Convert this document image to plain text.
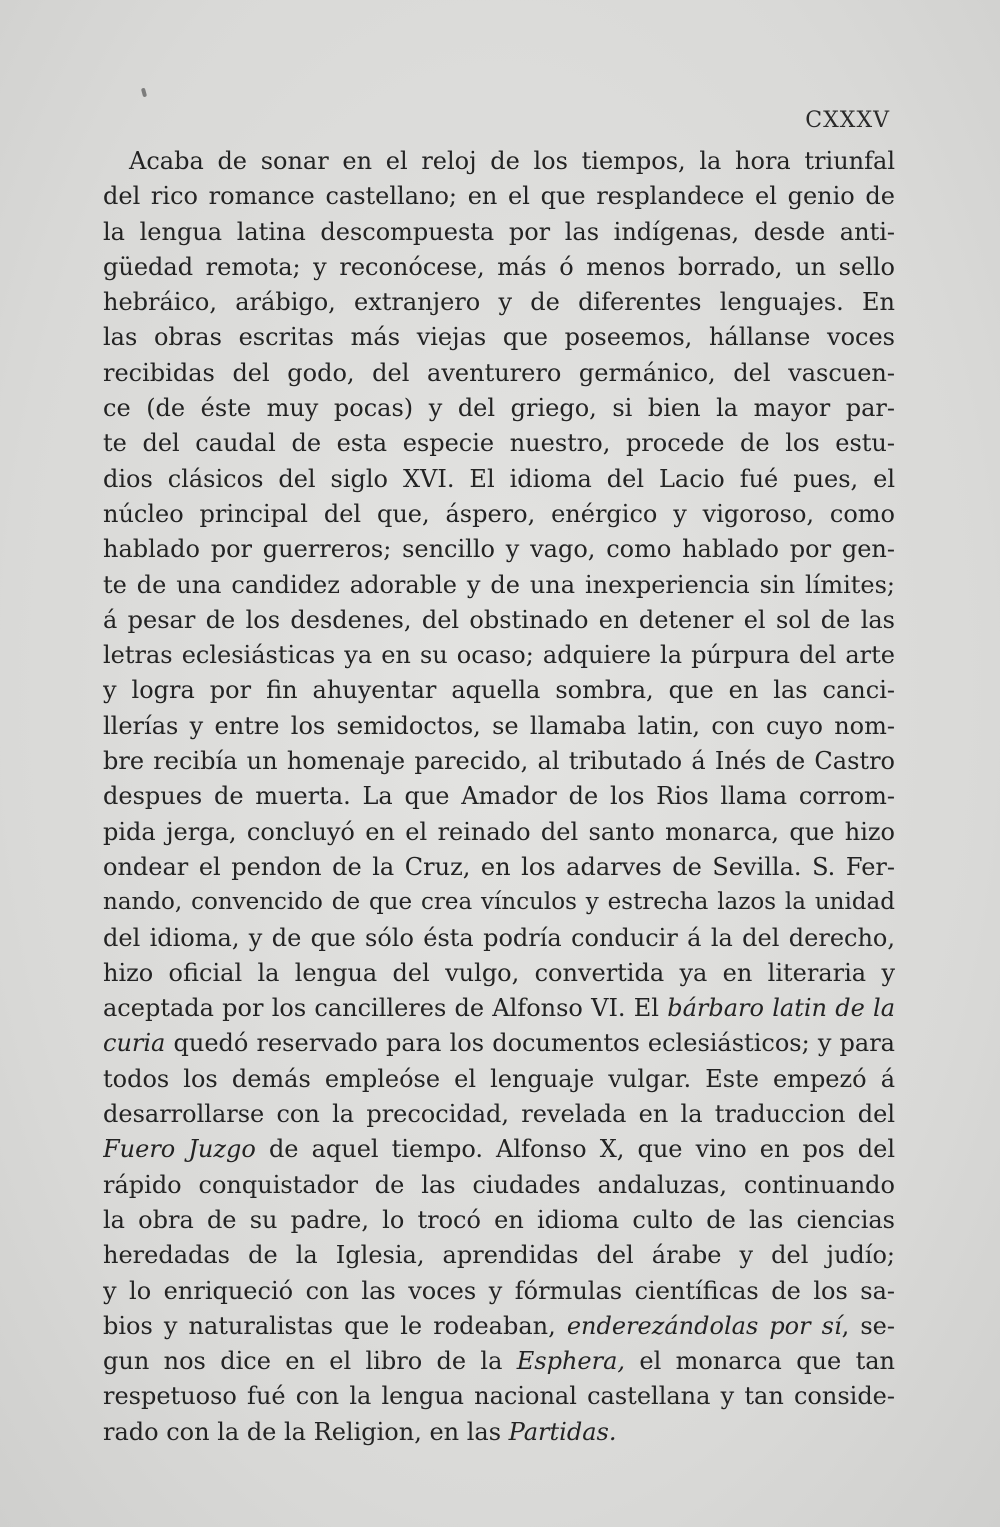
CXXXV
Acaba de sonar en el reloj de los tiempos, la hora triunfal
del rico romance castellano; en el que resplandece el genio de
la lengua latina descompuesta por las indígenas, desde anti-
güedad remota; y reconócese, más ó menos borrado, un sello
hebráico, arábigo, extranjero y de diferentes lenguajes. En
las obras escritas más viejas que poseemos, hállanse voces
recibidas del godo, del aventurero germánico, del vascuen-
ce (de éste muy pocas) y del griego, si bien la mayor par-
te del caudal de esta especie nuestro, procede de los estu-
dios clásicos del siglo XVI. El idioma del Lacio fué pues, el
núcleo principal del que, áspero, enérgico y vigoroso, como
hablado por guerreros; sencillo y vago, como hablado por gen-
te de una candidez adorable y de una inexperiencia sin límites;
á pesar de los desdenes, del obstinado en detener el sol de las
letras eclesiásticas ya en su ocaso; adquiere la púrpura del arte
y logra por fin ahuyentar aquella sombra, que en las canci-
llerías y entre los semidoctos, se llamaba latin, con cuyo nom-
bre recibía un homenaje parecido, al tributado á Inés de Castro
despues de muerta. La que Amador de los Rios llama corrom-
pida jerga, concluyó en el reinado del santo monarca, que hizo
ondear el pendon de la Cruz, en los adarves de Sevilla. S. Fer-
nando, convencido de que crea vínculos y estrecha lazos la unidad
del idioma, y de que sólo ésta podría conducir á la del derecho,
hizo oficial la lengua del vulgo, convertida ya en literaria y
aceptada por los cancilleres de Alfonso VI. El bárbaro latin de la
curia quedó reservado para los documentos eclesiásticos; y para
todos los demás empleóse el lenguaje vulgar. Este empezó á
desarrollarse con la precocidad, revelada en la traduccion del
Fuero Juzgo de aquel tiempo. Alfonso X, que vino en pos del
rápido conquistador de las ciudades andaluzas, continuando
la obra de su padre, lo trocó en idioma culto de las ciencias
heredadas de la Iglesia, aprendidas del árabe y del judío;
y lo enriqueció con las voces y fórmulas científicas de los sa-
bios y naturalistas que le rodeaban, enderezándolas por sí, se-
gun nos dice en el libro de la Esphera, el monarca que tan
respetuoso fué con la lengua nacional castellana y tan conside-
rado con la de la Religion, en las Partidas.
